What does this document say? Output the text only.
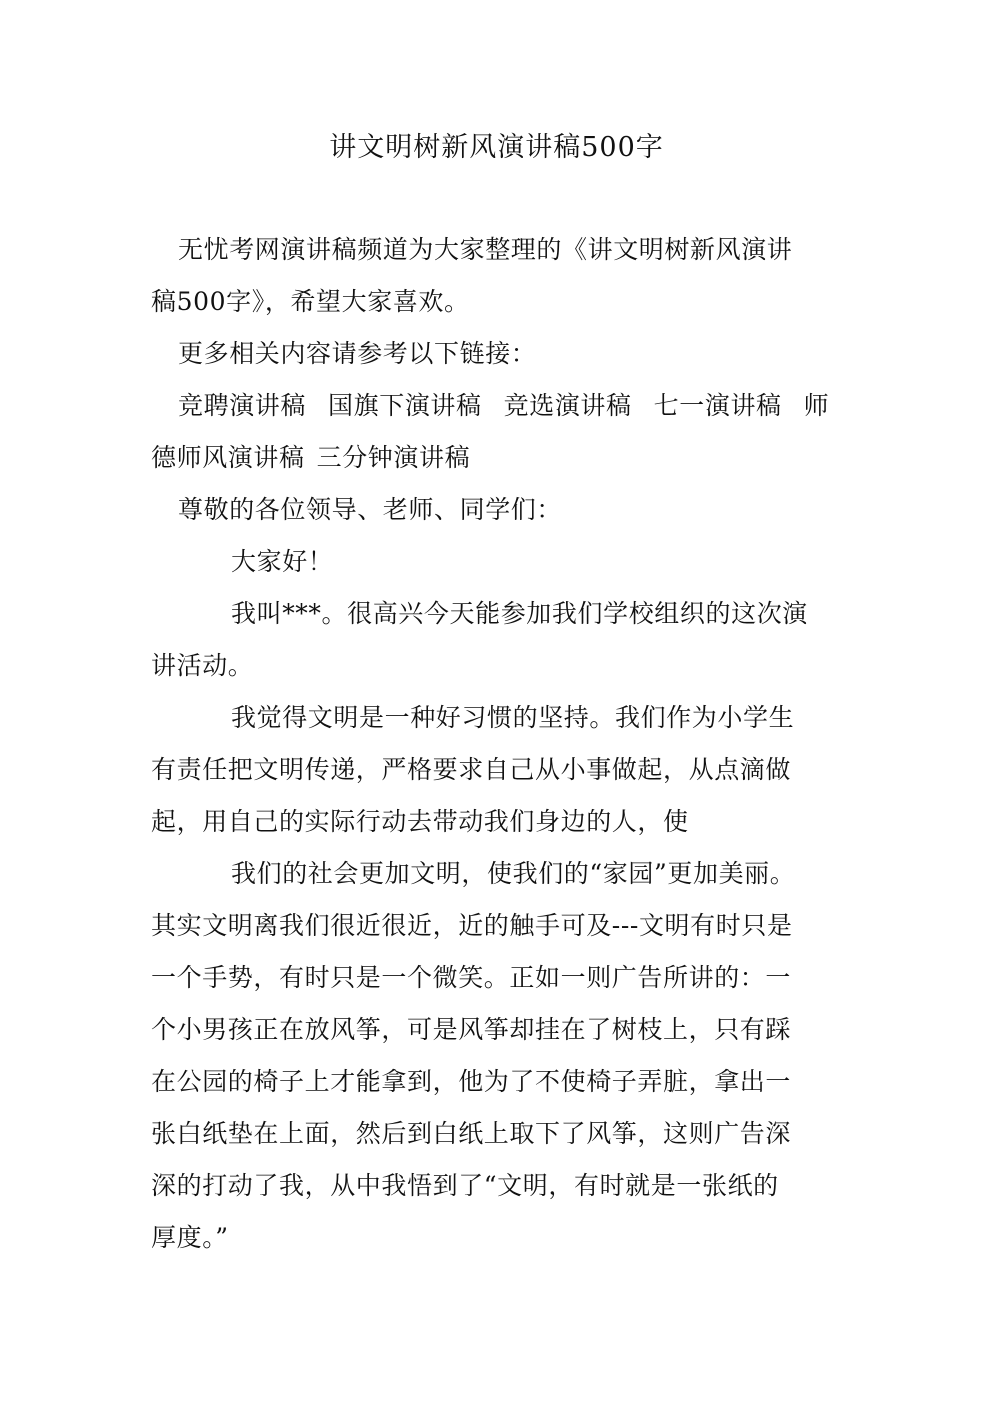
讲文明树新风演讲稿500字
无忧考网演讲稿频道为大家整理的《讲文明树新风演讲
稿500字》，希望大家喜欢。
更多相关内容请参考以下链接：
竞聘演讲稿 国旗下演讲稿 竞选演讲稿 七一演讲稿 师
德师风演讲稿 三分钟演讲稿
尊敬的各位领导、老师、同学们：
大家好！
我叫***。很高兴今天能参加我们学校组织的这次演
讲活动。
我觉得文明是一种好习惯的坚持。我们作为小学生
有责任把文明传递，严格要求自己从小事做起，从点滴做
起，用自己的实际行动去带动我们身边的人，使
我们的社会更加文明，使我们的“家园”更加美丽。
其实文明离我们很近很近，近的触手可及---文明有时只是
一个手势，有时只是一个微笑。正如一则广告所讲的：一
个小男孩正在放风筝，可是风筝却挂在了树枝上，只有踩
在公园的椅子上才能拿到，他为了不使椅子弄脏，拿出一
张白纸垫在上面，然后到白纸上取下了风筝，这则广告深
深的打动了我，从中我悟到了“文明，有时就是一张纸的
厚度。”
